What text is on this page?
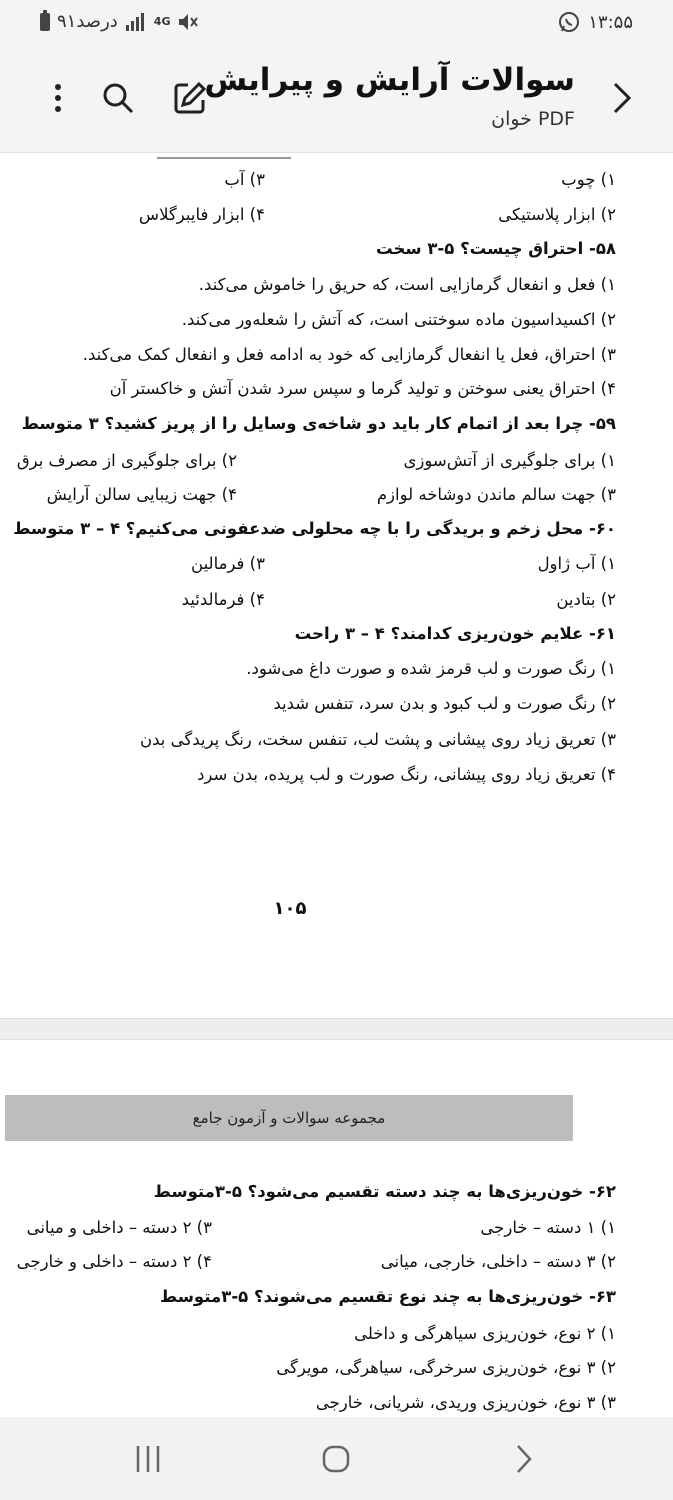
۹۱درصد	4G	۱۳:۵۵
سوالات آرایش و پیرایش
PDF خوان
۱) چوب
۳) آب
۲) ابزار پلاستیکی
۴) ابزار فایبرگلاس
۵۸- احتراق چیست؟ ۵-۳ سخت
۱) فعل و انفعال گرمازایی است، که حریق را خاموش می‌کند.
۲) اکسیداسیون ماده سوختنی است، که آتش را شعله‌ور می‌کند.
۳) احتراق، فعل یا انفعال گرمازایی که خود به ادامه فعل و انفعال کمک می‌کند.
۴) احتراق یعنی سوختن و تولید گرما و سپس سرد شدن آتش و خاکستر آن
۵۹- چرا بعد از اتمام کار باید دو شاخه‌ی وسایل را از پریز کشید؟ ۳ متوسط
۱) برای جلوگیری از آتش‌سوزی
۲) برای جلوگیری از مصرف برق
۳) جهت سالم ماندن دوشاخه لوازم
۴) جهت زیبایی سالن آرایش
۶۰- محل زخم و بریدگی را با چه محلولی ضدعفونی می‌کنیم؟ ۴ – ۳ متوسط
۱) آب ژاول
۳) فرمالین
۲) بتادین
۴) فرمالدئید
۶۱- علایم خون‌ریزی کدامند؟ ۴ – ۳ راحت
۱) رنگ صورت و لب قرمز شده و صورت داغ می‌شود.
۲) رنگ صورت و لب کبود و بدن سرد، تنفس شدید
۳) تعریق زیاد روی پیشانی و پشت لب، تنفس سخت، رنگ پریدگی بدن
۴) تعریق زیاد روی پیشانی، رنگ صورت و لب پریده، بدن سرد
۱۰۵
مجموعه سوالات و آزمون جامع
۶۲- خون‌ریزی‌ها به چند دسته تقسیم می‌شود؟ ۵-۳متوسط
۱) ۱ دسته – خارجی
۳) ۲ دسته – داخلی و میانی
۲) ۳ دسته – داخلی، خارجی، میانی
۴) ۲ دسته – داخلی و خارجی
۶۳- خون‌ریزی‌ها به چند نوع تقسیم می‌شوند؟ ۵-۳متوسط
۱) ۲ نوع، خون‌ریزی سیاهرگی و داخلی
۲) ۳ نوع، خون‌ریزی سرخرگی، سیاهرگی، مویرگی
۳) ۳ نوع، خون‌ریزی وریدی، شریانی، خارجی
